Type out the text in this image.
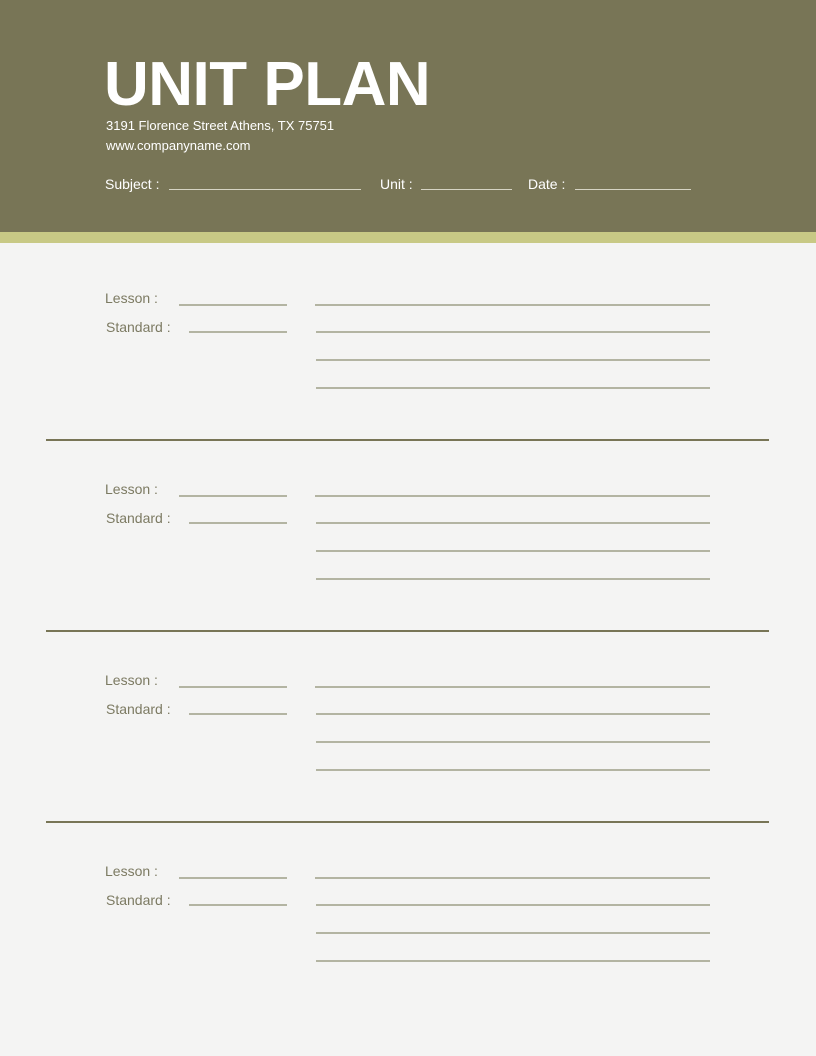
UNIT PLAN
3191 Florence Street Athens, TX 75751
www.companyname.com
Subject :	Unit :	Date :
Lesson :
Standard :
Lesson :
Standard :
Lesson :
Standard :
Lesson :
Standard :
